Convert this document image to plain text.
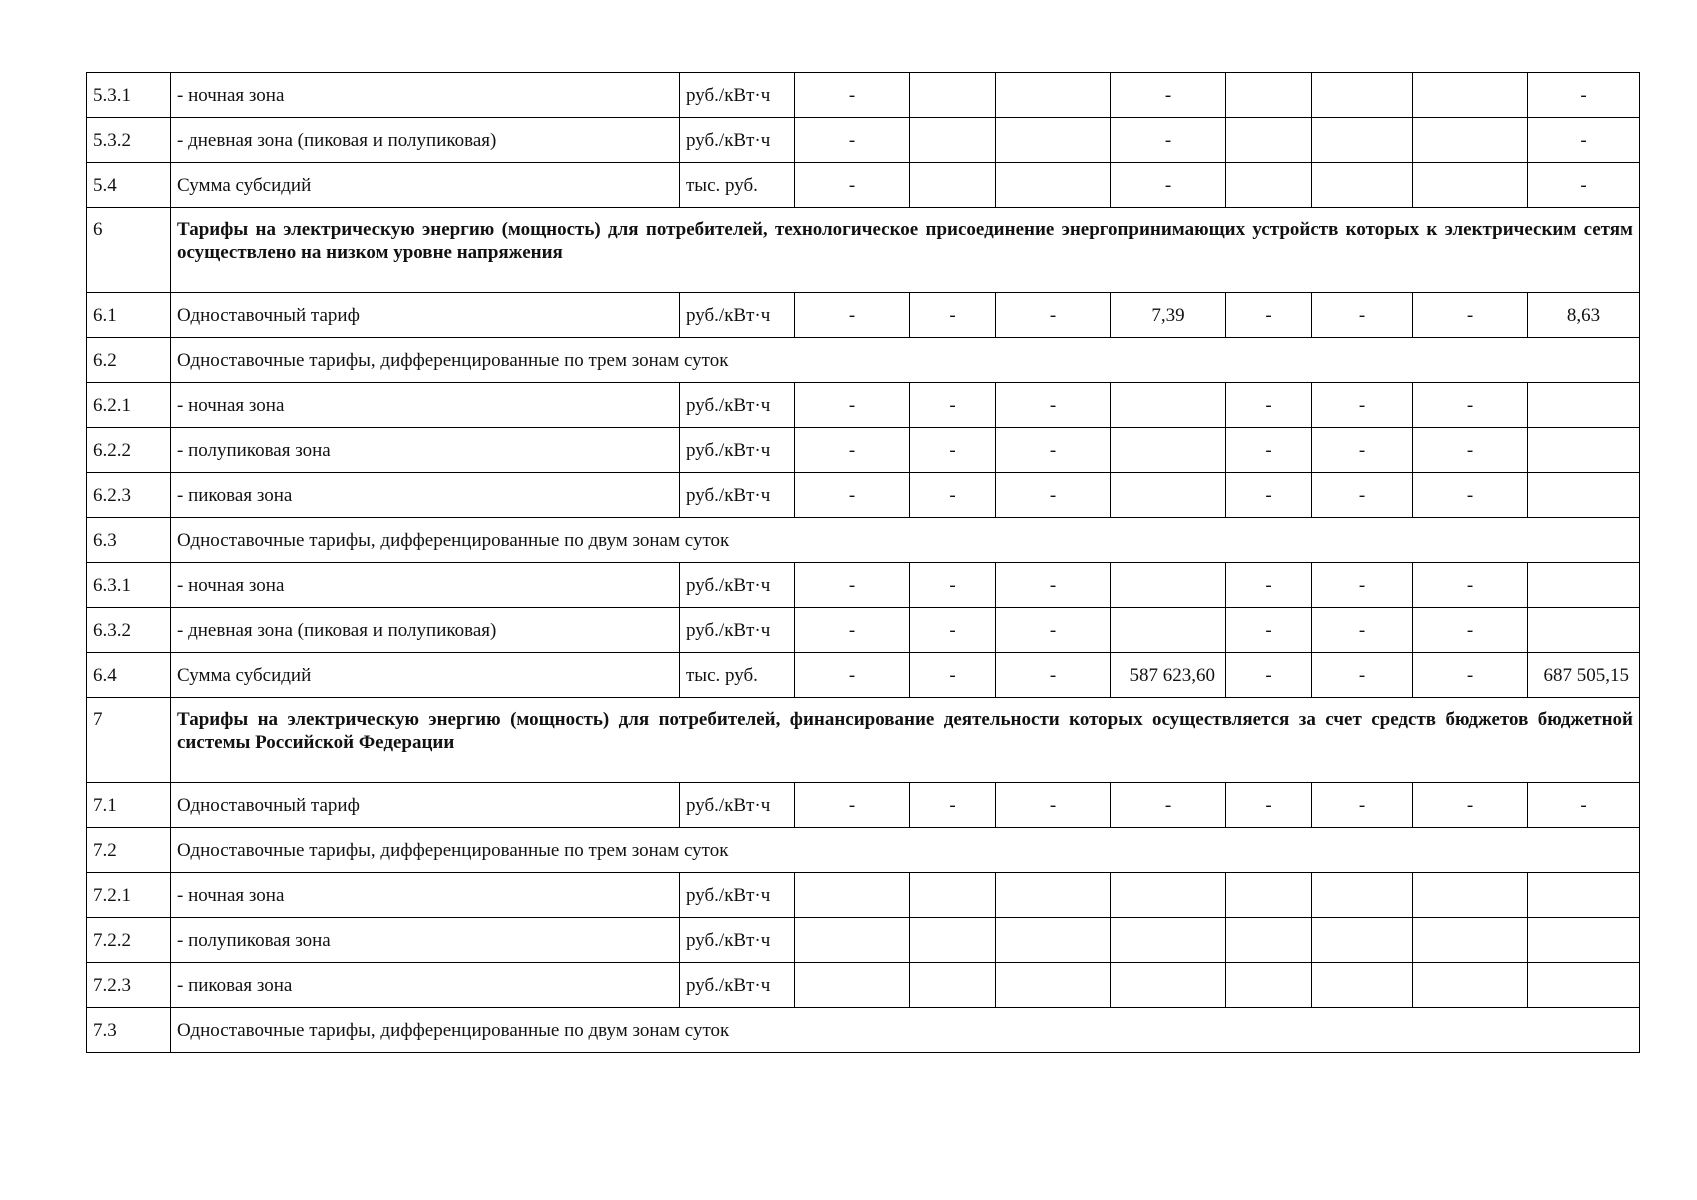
5.3.1	- ночная зона	руб./кВт·ч	-			-				-
5.3.2	- дневная зона (пиковая и полупиковая)	руб./кВт·ч	-			-				-
5.4	Сумма субсидий	тыс. руб.	-			-				-
6	Тарифы на электрическую энергию (мощность) для потребителей, технологическое присоединение энергопринимающих устройств которых к электрическим сетям осуществлено на низком уровне напряжения									
6.1	Одноставочный тариф	руб./кВт·ч	-	-	-	7,39	-	-	-	8,63
6.2	Одноставочные тарифы, дифференцированные по трем зонам суток									
6.2.1	- ночная зона	руб./кВт·ч	-	-	-		-	-	-	
6.2.2	- полупиковая зона	руб./кВт·ч	-	-	-		-	-	-	
6.2.3	- пиковая зона	руб./кВт·ч	-	-	-		-	-	-	
6.3	Одноставочные тарифы, дифференцированные по двум зонам суток									
6.3.1	- ночная зона	руб./кВт·ч	-	-	-		-	-	-	
6.3.2	- дневная зона (пиковая и полупиковая)	руб./кВт·ч	-	-	-		-	-	-	
6.4	Сумма субсидий	тыс. руб.	-	-	-	587 623,60	-	-	-	687 505,15
7	Тарифы на электрическую энергию (мощность) для потребителей, финансирование деятельности которых осуществляется за счет средств бюджетов бюджетной системы Российской Федерации									
7.1	Одноставочный тариф	руб./кВт·ч	-	-	-	-	-	-	-	-
7.2	Одноставочные тарифы, дифференцированные по трем зонам суток									
7.2.1	- ночная зона	руб./кВт·ч								
7.2.2	- полупиковая зона	руб./кВт·ч								
7.2.3	- пиковая зона	руб./кВт·ч								
7.3	Одноставочные тарифы, дифференцированные по двум зонам суток									
